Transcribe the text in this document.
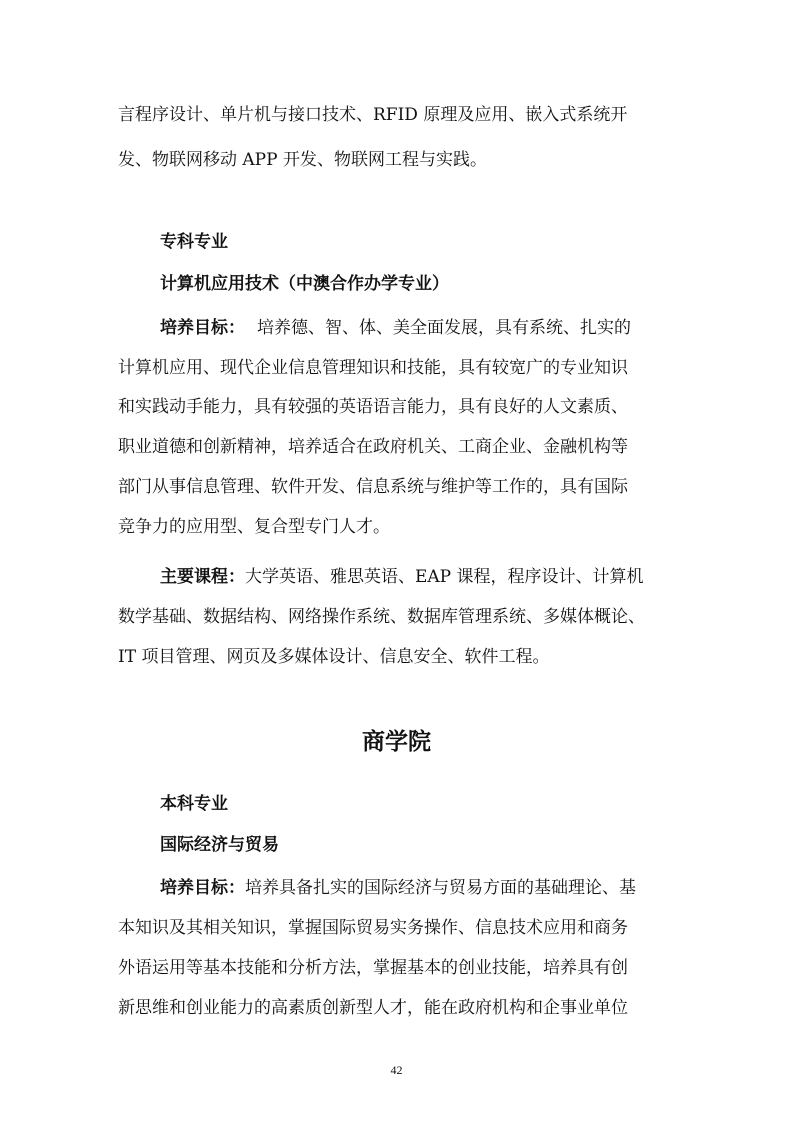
言程序设计、单片机与接口技术、RFID 原理及应用、嵌入式系统开
发、物联网移动 APP 开发、物联网工程与实践。
专科专业
计算机应用技术（中澳合作办学专业）
培养目标： 培养德、智、体、美全面发展，具有系统、扎实的
计算机应用、现代企业信息管理知识和技能，具有较宽广的专业知识
和实践动手能力，具有较强的英语语言能力，具有良好的人文素质、
职业道德和创新精神，培养适合在政府机关、工商企业、金融机构等
部门从事信息管理、软件开发、信息系统与维护等工作的，具有国际
竞争力的应用型、复合型专门人才。
主要课程：大学英语、雅思英语、EAP 课程，程序设计、计算机
数学基础、数据结构、网络操作系统、数据库管理系统、多媒体概论、
IT 项目管理、网页及多媒体设计、信息安全、软件工程。
商学院
本科专业
国际经济与贸易
培养目标：培养具备扎实的国际经济与贸易方面的基础理论、基
本知识及其相关知识，掌握国际贸易实务操作、信息技术应用和商务
外语运用等基本技能和分析方法，掌握基本的创业技能，培养具有创
新思维和创业能力的高素质创新型人才，能在政府机构和企事业单位
42
